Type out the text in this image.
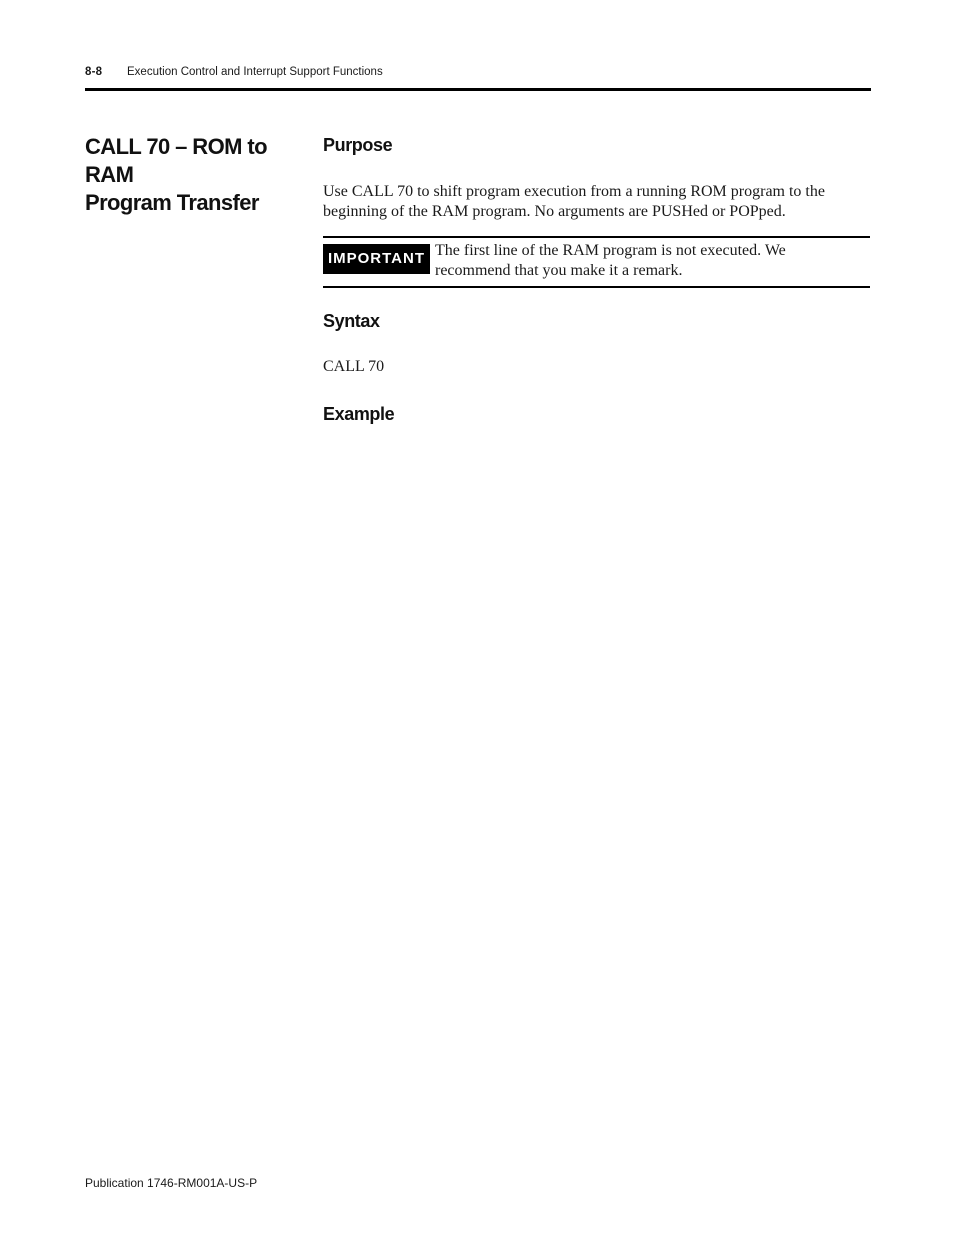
8-8 Execution Control and Interrupt Support Functions
CALL 70 – ROM to RAM
Program Transfer
Purpose

Use CALL 70 to shift program execution from a running ROM program to the
beginning of the RAM program. No arguments are PUSHed or POPped.

IMPORTANT The first line of the RAM program is not executed. We
recommend that you make it a remark.
Syntax

CALL 70

Example
Publication 1746-RM001A-US-P
